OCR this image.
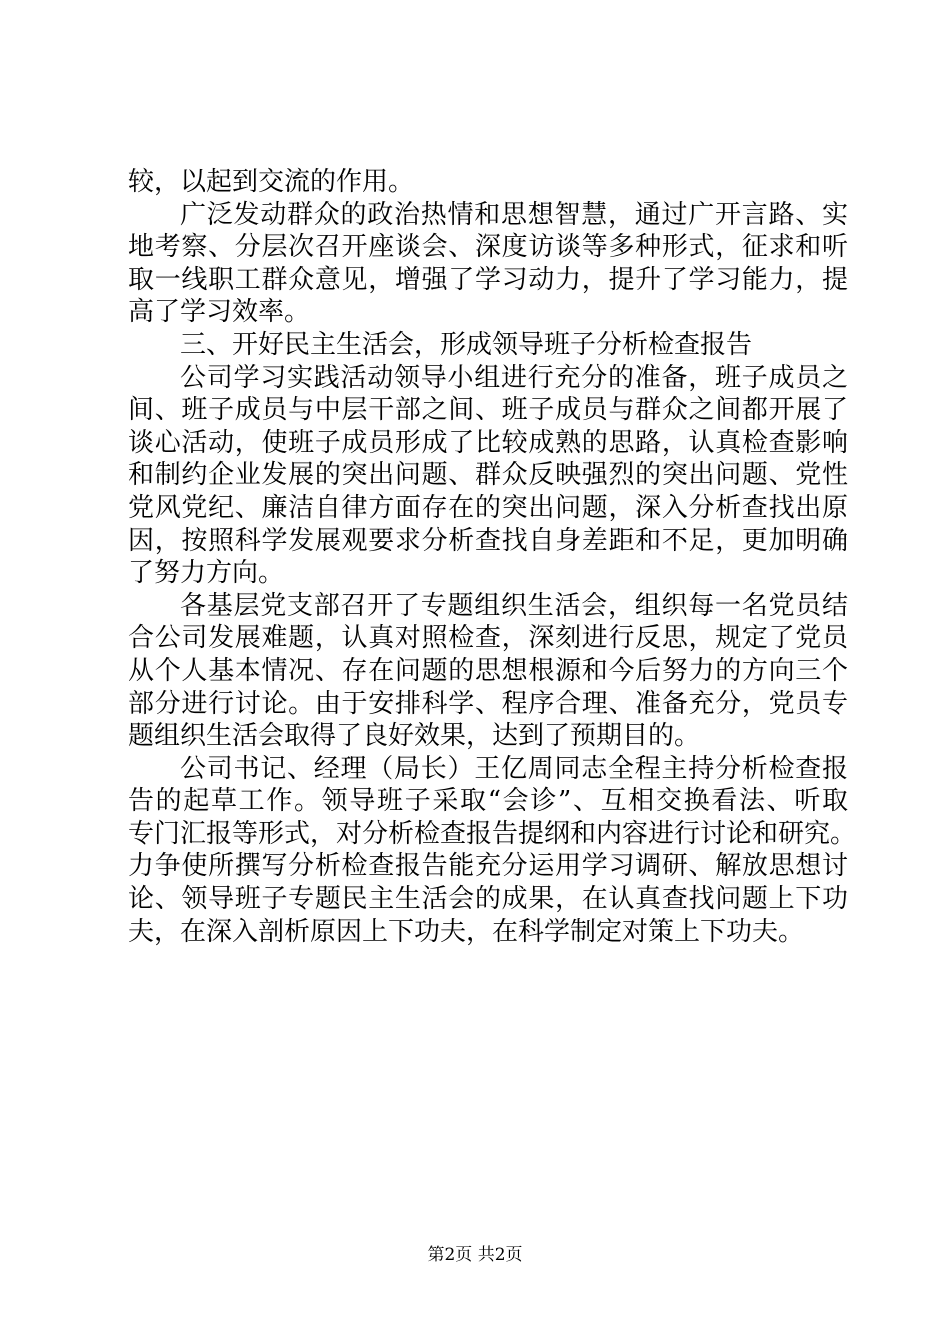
较，以起到交流的作用。
广泛发动群众的政治热情和思想智慧，通过广开言路、实
地考察、分层次召开座谈会、深度访谈等多种形式，征求和听
取一线职工群众意见，增强了学习动力，提升了学习能力，提
高了学习效率。
三、开好民主生活会，形成领导班子分析检查报告
公司学习实践活动领导小组进行充分的准备，班子成员之
间、班子成员与中层干部之间、班子成员与群众之间都开展了
谈心活动，使班子成员形成了比较成熟的思路，认真检查影响
和制约企业发展的突出问题、群众反映强烈的突出问题、党性
党风党纪、廉洁自律方面存在的突出问题，深入分析查找出原
因，按照科学发展观要求分析查找自身差距和不足，更加明确
了努力方向。
各基层党支部召开了专题组织生活会，组织每一名党员结
合公司发展难题，认真对照检查，深刻进行反思，规定了党员
从个人基本情况、存在问题的思想根源和今后努力的方向三个
部分进行讨论。由于安排科学、程序合理、准备充分，党员专
题组织生活会取得了良好效果，达到了预期目的。
公司书记、经理（局长）王亿周同志全程主持分析检查报
告的起草工作。领导班子采取“会诊”、互相交换看法、听取
专门汇报等形式，对分析检查报告提纲和内容进行讨论和研究。
力争使所撰写分析检查报告能充分运用学习调研、解放思想讨
论、领导班子专题民主生活会的成果，在认真查找问题上下功
夫，在深入剖析原因上下功夫，在科学制定对策上下功夫。
第2页 共2页
